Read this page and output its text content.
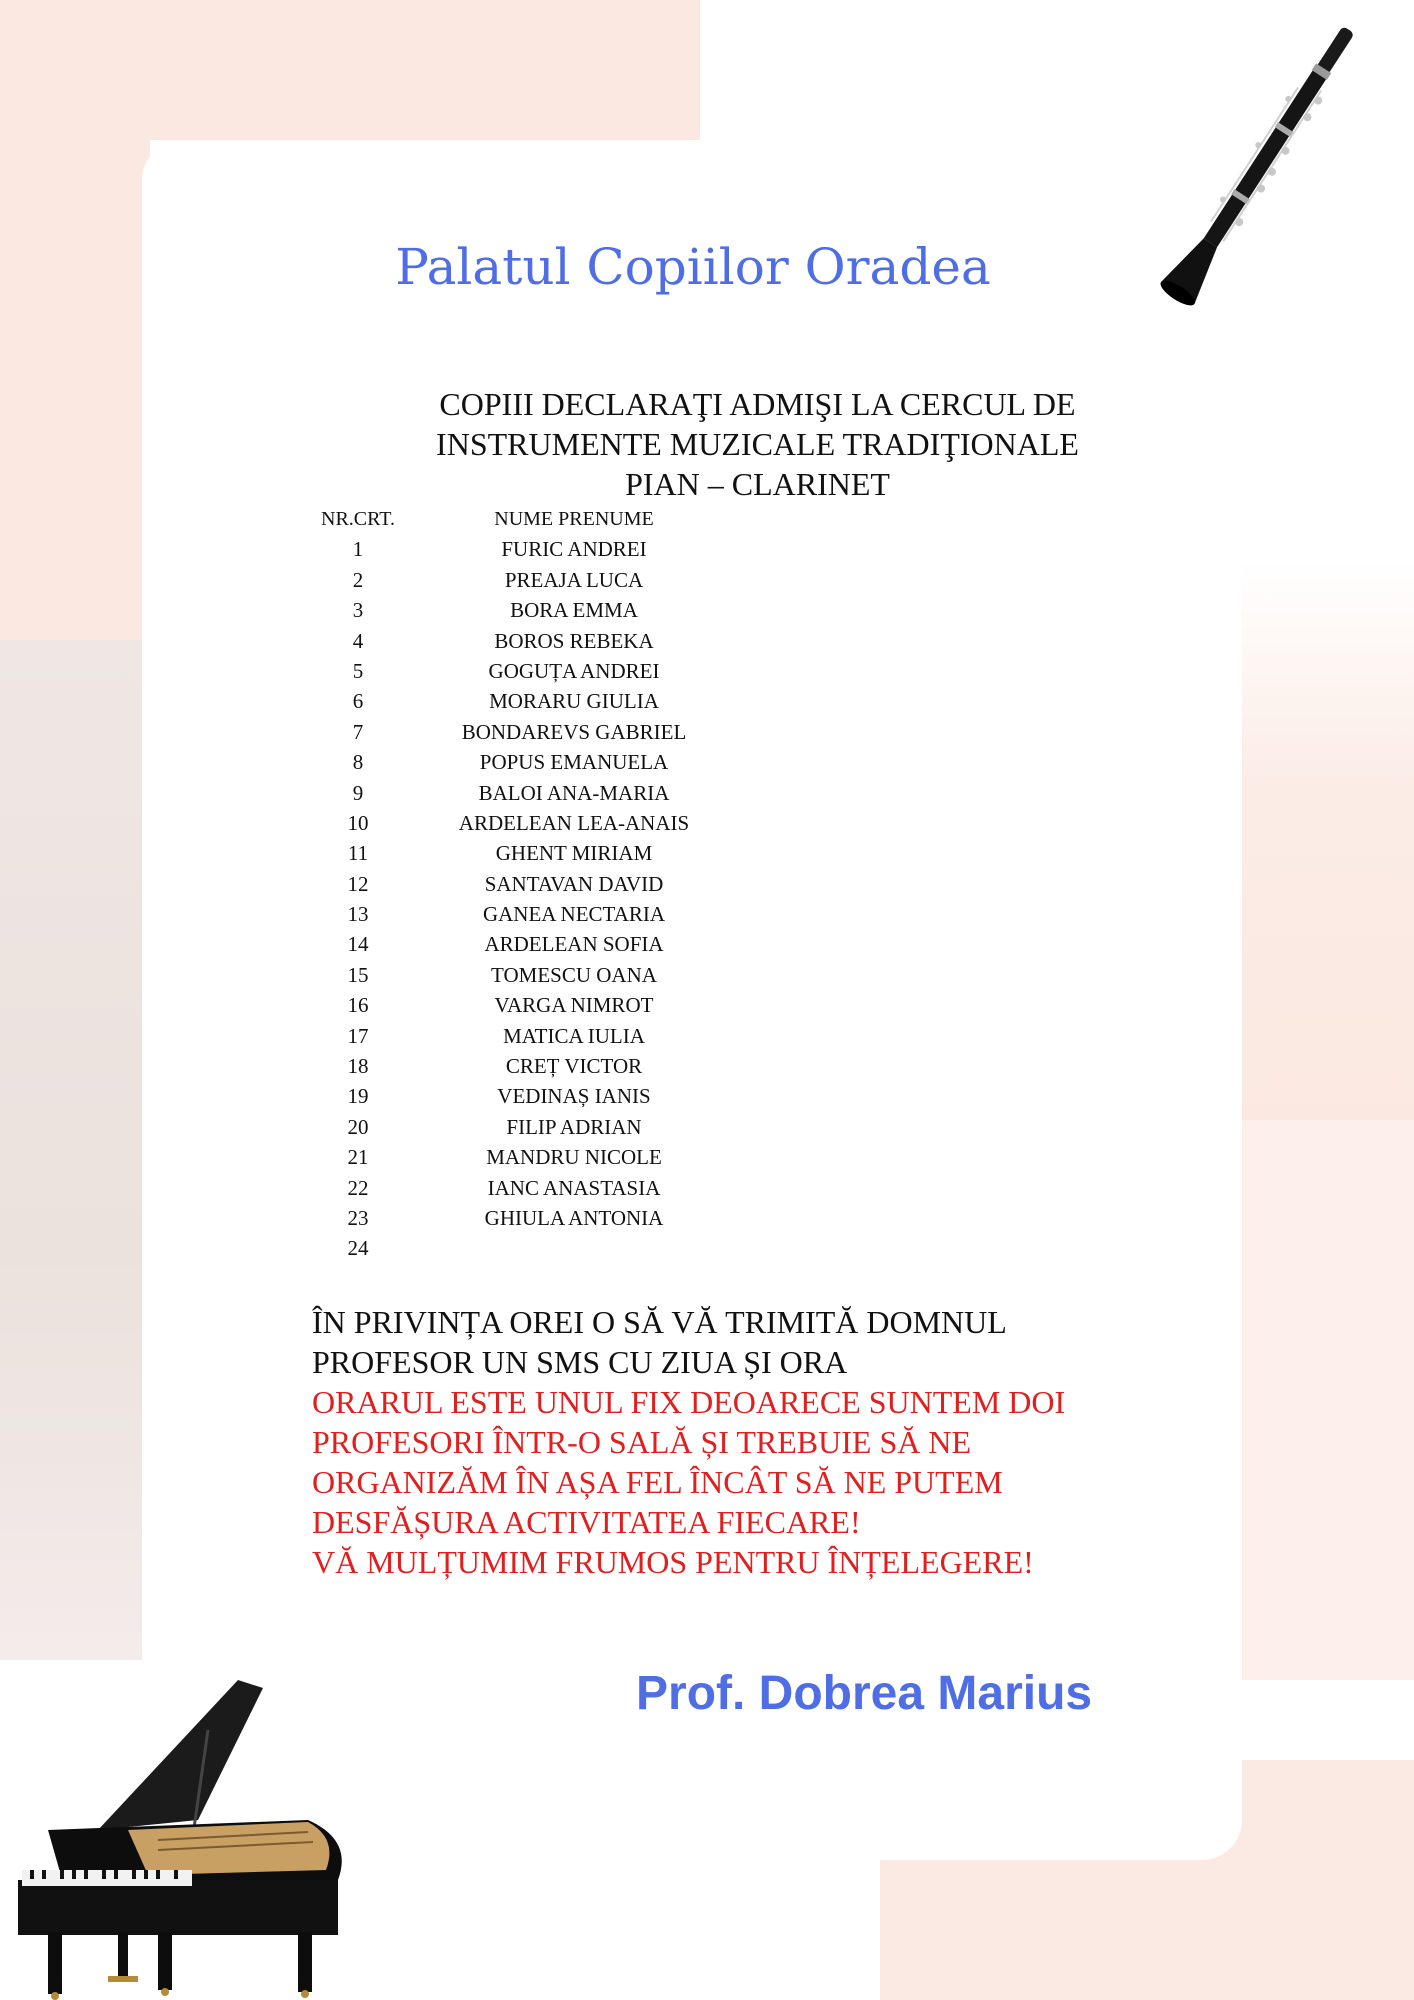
Palatul Copiilor Oradea
COPIII DECLARAŢI ADMIŞI LA CERCUL DE
INSTRUMENTE MUZICALE TRADIŢIONALE
PIAN – CLARINET
NR.CRT.	NUME PRENUME
1	FURIC ANDREI
2	PREAJA LUCA
3	BORA EMMA
4	BOROS REBEKA
5	GOGUȚA ANDREI
6	MORARU GIULIA
7	BONDAREVS GABRIEL
8	POPUS EMANUELA
9	BALOI ANA-MARIA
10	ARDELEAN LEA-ANAIS
11	GHENT MIRIAM
12	SANTAVAN DAVID
13	GANEA NECTARIA
14	ARDELEAN SOFIA
15	TOMESCU OANA
16	VARGA NIMROT
17	MATICA IULIA
18	CREȚ VICTOR
19	VEDINAȘ IANIS
20	FILIP ADRIAN
21	MANDRU NICOLE
22	IANC ANASTASIA
23	GHIULA ANTONIA
24
ÎN PRIVINȚA OREI O SĂ VĂ TRIMITĂ DOMNUL
PROFESOR UN SMS CU ZIUA ȘI ORA
ORARUL ESTE UNUL FIX DEOARECE SUNTEM DOI
PROFESORI ÎNTR-O SALĂ ȘI TREBUIE SĂ NE
ORGANIZĂM ÎN AȘA FEL ÎNCÂT SĂ NE PUTEM
DESFĂȘURA ACTIVITATEA FIECARE!
VĂ MULȚUMIM FRUMOS PENTRU ÎNȚELEGERE!
Prof. Dobrea Marius
